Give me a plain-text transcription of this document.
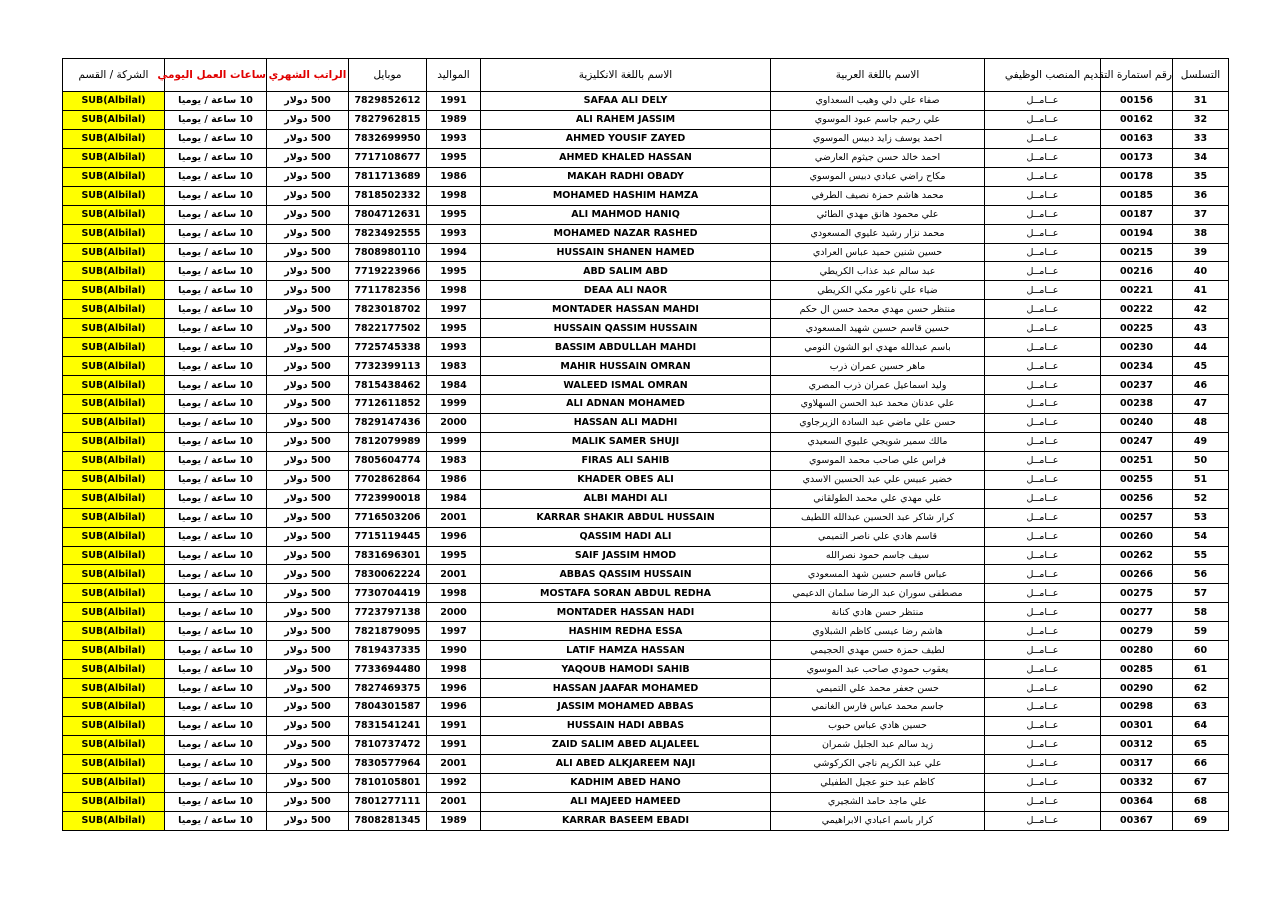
التسلسل	رقم استمارة التقديم	المنصب الوظيفي	الاسم باللغة العربية	الاسم باللغة الانكليزية	المواليد	موبايل	الراتب الشهري	ساعات العمل اليومي	الشركة / القسم
31	00156	عــامــل	صفاء علي دلي وهيب السعداوي	SAFAA ALI DELY	1991	7829852612	500 دولار	10 ساعة / يوميا	(Albilal)SUB
32	00162	عــامــل	علي رحيم جاسم عبود الموسوي	ALI RAHEM JASSIM	1989	7827962815	500 دولار	10 ساعة / يوميا	(Albilal)SUB
33	00163	عــامــل	احمد يوسف زايد دبيس الموسوي	AHMED YOUSIF ZAYED	1993	7832699950	500 دولار	10 ساعة / يوميا	(Albilal)SUB
34	00173	عــامــل	احمد خالد حسن جيثوم العارضي	AHMED KHALED HASSAN	1995	7717108677	500 دولار	10 ساعة / يوميا	(Albilal)SUB
35	00178	عــامــل	مكاح راضي عبادي دبيس الموسوي	MAKAH RADHI OBADY	1986	7811713689	500 دولار	10 ساعة / يوميا	(Albilal)SUB
36	00185	عــامــل	محمد هاشم حمزة نصيف الطرفي	MOHAMED HASHIM HAMZA	1998	7818502332	500 دولار	10 ساعة / يوميا	(Albilal)SUB
37	00187	عــامــل	علي محمود هانق مهدي الطائي	ALI MAHMOD HANIQ	1995	7804712631	500 دولار	10 ساعة / يوميا	(Albilal)SUB
38	00194	عــامــل	محمد نزار رشيد عليوي المسعودي	MOHAMED NAZAR RASHED	1993	7823492555	500 دولار	10 ساعة / يوميا	(Albilal)SUB
39	00215	عــامــل	حسين شنين حميد عباس العرادي	HUSSAIN SHANEN HAMED	1994	7808980110	500 دولار	10 ساعة / يوميا	(Albilal)SUB
40	00216	عــامــل	عبد سالم عبد عذاب الكريطي	ABD SALIM ABD	1995	7719223966	500 دولار	10 ساعة / يوميا	(Albilal)SUB
41	00221	عــامــل	ضياء علي ناعور مكي الكريطي	DEAA ALI NAOR	1998	7711782356	500 دولار	10 ساعة / يوميا	(Albilal)SUB
42	00222	عــامــل	منتظر حسن مهدي محمد حسن ال حكم	MONTADER HASSAN MAHDI	1997	7823018702	500 دولار	10 ساعة / يوميا	(Albilal)SUB
43	00225	عــامــل	حسين قاسم حسين شهيد المسعودي	HUSSAIN QASSIM HUSSAIN	1995	7822177502	500 دولار	10 ساعة / يوميا	(Albilal)SUB
44	00230	عــامــل	باسم عبدالله مهدي ابو الشون النومي	BASSIM ABDULLAH MAHDI	1993	7725745338	500 دولار	10 ساعة / يوميا	(Albilal)SUB
45	00234	عــامــل	ماهر حسين عمران ذرب	MAHIR HUSSAIN OMRAN	1983	7732399113	500 دولار	10 ساعة / يوميا	(Albilal)SUB
46	00237	عــامــل	وليد اسماعيل عمران ذرب المصري	WALEED ISMAL OMRAN	1984	7815438462	500 دولار	10 ساعة / يوميا	(Albilal)SUB
47	00238	عــامــل	علي عدنان محمد عبد الحسن السهلاوي	ALI ADNAN MOHAMED	1999	7712611852	500 دولار	10 ساعة / يوميا	(Albilal)SUB
48	00240	عــامــل	حسن علي ماضي عبد السادة الزيرجاوي	HASSAN ALI MADHI	2000	7829147436	500 دولار	10 ساعة / يوميا	(Albilal)SUB
49	00247	عــامــل	مالك سمير شويجي عليوي السعيدي	MALIK SAMER SHUJI	1999	7812079989	500 دولار	10 ساعة / يوميا	(Albilal)SUB
50	00251	عــامــل	فراس علي صاحب محمد الموسوي	FIRAS ALI SAHIB	1983	7805604774	500 دولار	10 ساعة / يوميا	(Albilal)SUB
51	00255	عــامــل	خضير عبيس علي عبد الحسين الاسدي	KHADER OBES ALI	1986	7702862864	500 دولار	10 ساعة / يوميا	(Albilal)SUB
52	00256	عــامــل	علي مهدي علي محمد الطولقاني	ALBI MAHDI ALI	1984	7723990018	500 دولار	10 ساعة / يوميا	(Albilal)SUB
53	00257	عــامــل	كرار شاكر عبد الحسين عبدالله اللطيف	KARRAR SHAKIR ABDUL HUSSAIN	2001	7716503206	500 دولار	10 ساعة / يوميا	(Albilal)SUB
54	00260	عــامــل	قاسم هادي علي ناصر التميمي	QASSIM HADI ALI	1996	7715119445	500 دولار	10 ساعة / يوميا	(Albilal)SUB
55	00262	عــامــل	سيف جاسم حمود نصرالله	SAIF JASSIM HMOD	1995	7831696301	500 دولار	10 ساعة / يوميا	(Albilal)SUB
56	00266	عــامــل	عباس قاسم حسين شهد المسعودي	ABBAS QASSIM HUSSAIN	2001	7830062224	500 دولار	10 ساعة / يوميا	(Albilal)SUB
57	00275	عــامــل	مصطفى سوران عبد الرضا سلمان الدعيمي	MOSTAFA SORAN ABDUL REDHA	1998	7730704419	500 دولار	10 ساعة / يوميا	(Albilal)SUB
58	00277	عــامــل	منتظر حسن هادي كنانة	MONTADER HASSAN HADI	2000	7723797138	500 دولار	10 ساعة / يوميا	(Albilal)SUB
59	00279	عــامــل	هاشم رضا عيسى كاظم الشبلاوي	HASHIM REDHA ESSA	1997	7821879095	500 دولار	10 ساعة / يوميا	(Albilal)SUB
60	00280	عــامــل	لطيف حمزة حسن مهدي الحجيمي	LATIF HAMZA HASSAN	1990	7819437335	500 دولار	10 ساعة / يوميا	(Albilal)SUB
61	00285	عــامــل	يعقوب حمودي صاحب عبد الموسوي	YAQOUB HAMODI SAHIB	1998	7733694480	500 دولار	10 ساعة / يوميا	(Albilal)SUB
62	00290	عــامــل	حسن جعفر محمد علي التميمي	HASSAN JAAFAR MOHAMED	1996	7827469375	500 دولار	10 ساعة / يوميا	(Albilal)SUB
63	00298	عــامــل	جاسم محمد عباس فارس الغانمي	JASSIM MOHAMED ABBAS	1996	7804301587	500 دولار	10 ساعة / يوميا	(Albilal)SUB
64	00301	عــامــل	حسين هادي عباس حبوب	HUSSAIN HADI ABBAS	1991	7831541241	500 دولار	10 ساعة / يوميا	(Albilal)SUB
65	00312	عــامــل	زيد سالم عبد الجليل شمران	ZAID SALIM ABED ALJALEEL	1991	7810737472	500 دولار	10 ساعة / يوميا	(Albilal)SUB
66	00317	عــامــل	علي عبد الكريم ناجي الكركوشي	ALI ABED ALKJAREEM NAJI	2001	7830577964	500 دولار	10 ساعة / يوميا	(Albilal)SUB
67	00332	عــامــل	كاظم عبد حنو عجيل الطفيلي	KADHIM ABED HANO	1992	7810105801	500 دولار	10 ساعة / يوميا	(Albilal)SUB
68	00364	عــامــل	علي ماجد حامد الشجيري	ALI MAJEED HAMEED	2001	7801277111	500 دولار	10 ساعة / يوميا	(Albilal)SUB
69	00367	عــامــل	كرار باسم اعبادي الابراهيمي	KARRAR BASEEM EBADI	1989	7808281345	500 دولار	10 ساعة / يوميا	(Albilal)SUB
